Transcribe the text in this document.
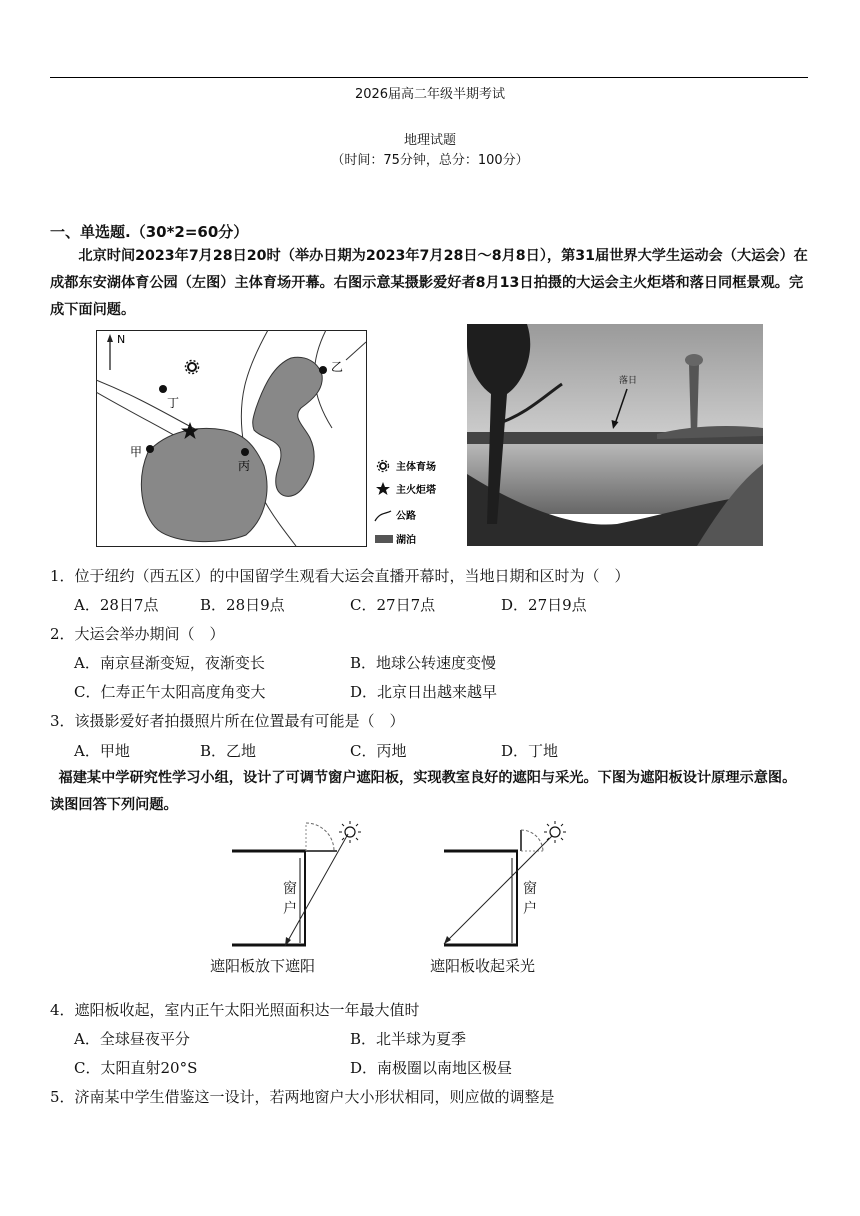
2026届高二年级半期考试
地理试题
（时间：75分钟，总分：100分）
一、单选题.（30*2=60分）
北京时间2023年7月28日20时（举办日期为2023年7月28日～8月8日），第31届世界大学生运动会（大运会）在成都东安湖体育公园（左图）主体育场开幕。右图示意某摄影爱好者8月13日拍摄的大运会主火炬塔和落日同框景观。完成下面问题。
N
丁
甲
丙
乙
主体育场
主火炬塔
公路
湖泊
落日
1．位于纽约（西五区）的中国留学生观看大运会直播开幕时，当地日期和区时为（　）
A．28日7点	B．28日9点	C．27日7点	D．27日9点
2．大运会举办期间（　）
A．南京昼渐变短，夜渐变长	B．地球公转速度变慢
C．仁寿正午太阳高度角变大	D．北京日出越来越早
3．该摄影爱好者拍摄照片所在位置最有可能是（　）
A．甲地	B．乙地	C．丙地	D．丁地
福建某中学研究性学习小组，设计了可调节窗户遮阳板，实现教室良好的遮阳与采光。下图为遮阳板设计原理示意图。读图回答下列问题。
窗
户
遮阳板放下遮阳
窗
户
遮阳板收起采光
4．遮阳板收起，室内正午太阳光照面积达一年最大值时
A．全球昼夜平分	B．北半球为夏季
C．太阳直射20°S	D．南极圈以南地区极昼
5．济南某中学生借鉴这一设计，若两地窗户大小形状相同，则应做的调整是
